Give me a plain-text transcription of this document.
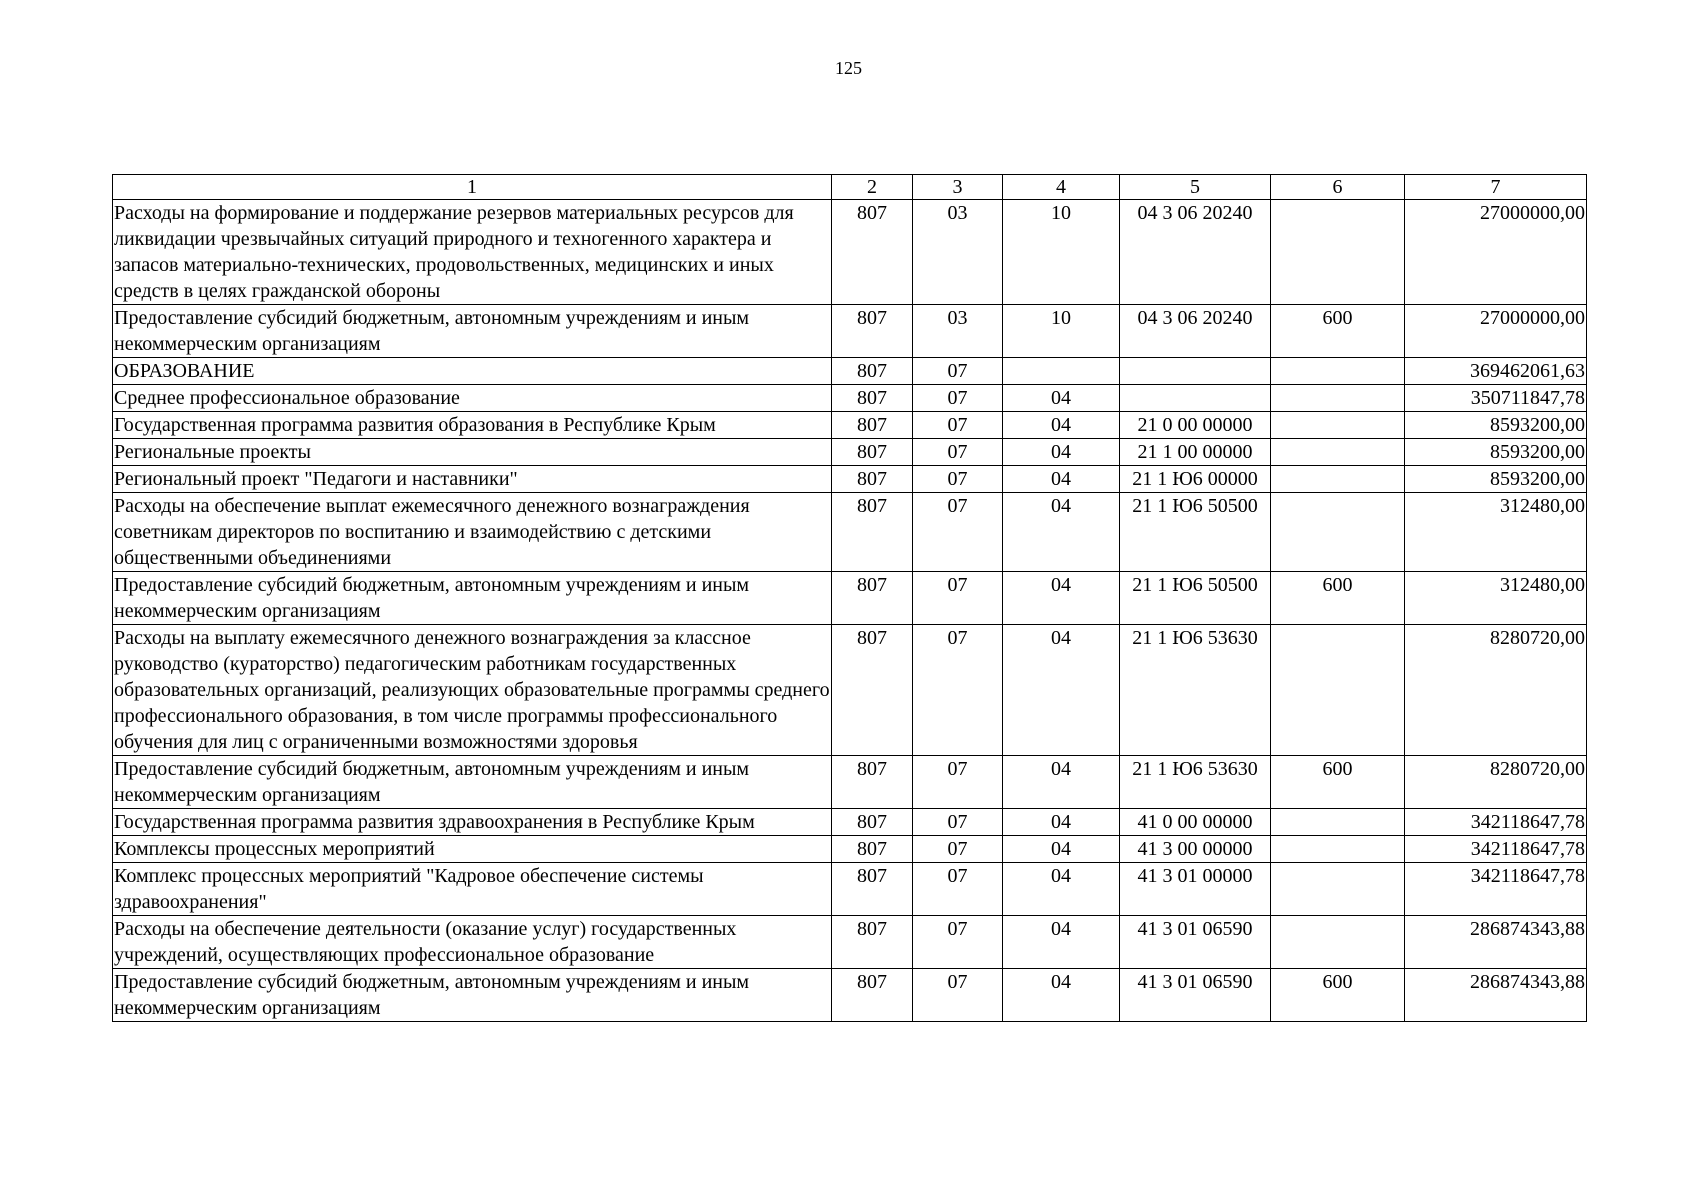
125
1	2	3	4	5	6	7
Расходы на формирование и поддержание резервов материальных ресурсов для ликвидации чрезвычайных ситуаций природного и техногенного характера и запасов материально-технических, продовольственных, медицинских и иных средств в целях гражданской обороны	807	03	10	04 3 06 20240		27000000,00
Предоставление субсидий бюджетным, автономным учреждениям и иным некоммерческим организациям	807	03	10	04 3 06 20240	600	27000000,00
ОБРАЗОВАНИЕ	807	07				369462061,63
Среднее профессиональное образование	807	07	04			350711847,78
Государственная программа развития образования в Республике Крым	807	07	04	21 0 00 00000		8593200,00
Региональные проекты	807	07	04	21 1 00 00000		8593200,00
Региональный проект "Педагоги и наставники"	807	07	04	21 1 Ю6 00000		8593200,00
Расходы на обеспечение выплат ежемесячного денежного вознаграждения советникам директоров по воспитанию и взаимодействию с детскими общественными объединениями	807	07	04	21 1 Ю6 50500		312480,00
Предоставление субсидий бюджетным, автономным учреждениям и иным некоммерческим организациям	807	07	04	21 1 Ю6 50500	600	312480,00
Расходы на выплату ежемесячного денежного вознаграждения за классное руководство (кураторство) педагогическим работникам государственных образовательных организаций, реализующих образовательные программы среднего профессионального образования, в том числе программы профессионального обучения для лиц с ограниченными возможностями здоровья	807	07	04	21 1 Ю6 53630		8280720,00
Предоставление субсидий бюджетным, автономным учреждениям и иным некоммерческим организациям	807	07	04	21 1 Ю6 53630	600	8280720,00
Государственная программа развития здравоохранения в Республике Крым	807	07	04	41 0 00 00000		342118647,78
Комплексы процессных мероприятий	807	07	04	41 3 00 00000		342118647,78
Комплекс процессных мероприятий "Кадровое обеспечение системы здравоохранения"	807	07	04	41 3 01 00000		342118647,78
Расходы на обеспечение деятельности (оказание услуг) государственных учреждений, осуществляющих профессиональное образование	807	07	04	41 3 01 06590		286874343,88
Предоставление субсидий бюджетным, автономным учреждениям и иным некоммерческим организациям	807	07	04	41 3 01 06590	600	286874343,88
